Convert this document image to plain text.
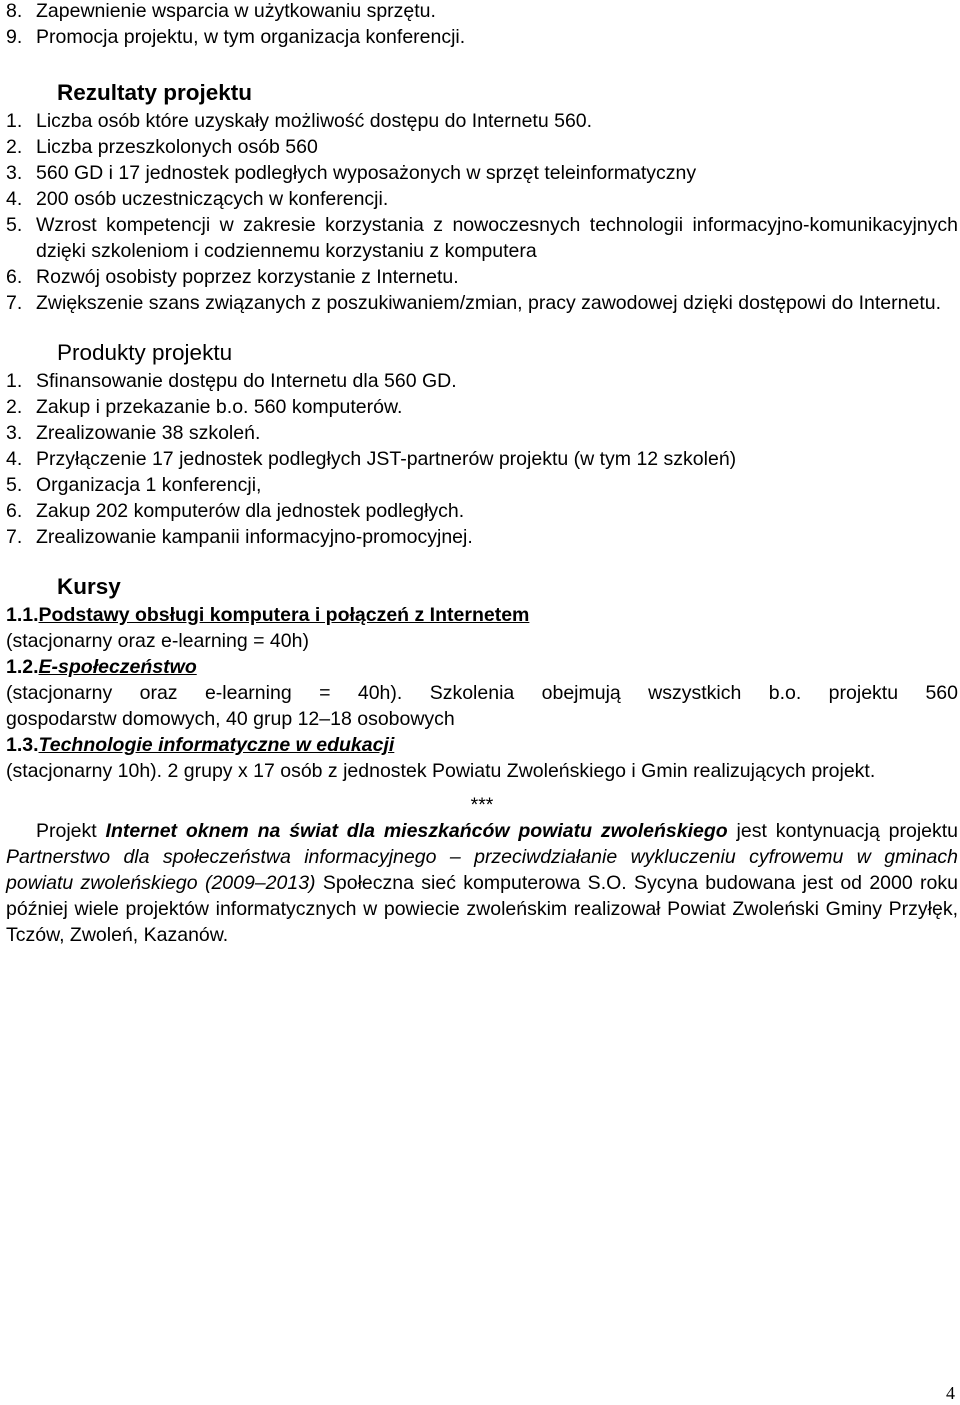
8. Zapewnienie wsparcia w użytkowaniu sprzętu.
9. Promocja projektu, w tym organizacja konferencji.
Rezultaty projektu
1. Liczba osób które uzyskały możliwość dostępu do Internetu 560.
2. Liczba przeszkolonych osób 560
3. 560 GD i 17 jednostek podległych wyposażonych w sprzęt teleinformatyczny
4. 200 osób uczestniczących w konferencji.
5. Wzrost kompetencji w zakresie korzystania z nowoczesnych technologii informacyjno-komunikacyjnych dzięki szkoleniom i codziennemu korzystaniu z komputera
6. Rozwój osobisty poprzez korzystanie z Internetu.
7. Zwiększenie szans związanych z poszukiwaniem/zmian, pracy zawodowej dzięki dostępowi do Internetu.
Produkty projektu
1. Sfinansowanie dostępu do Internetu dla 560 GD.
2. Zakup i przekazanie b.o. 560 komputerów.
3. Zrealizowanie 38 szkoleń.
4. Przyłączenie 17 jednostek podległych JST-partnerów projektu (w tym 12 szkoleń)
5. Organizacja 1 konferencji,
6. Zakup 202 komputerów dla jednostek podległych.
7. Zrealizowanie kampanii informacyjno-promocyjnej.
Kursy
1.1.Podstawy obsługi komputera i połączeń z Internetem
(stacjonarny oraz e-learning = 40h)
1.2.E-społeczeństwo
(stacjonarny oraz e-learning = 40h). Szkolenia obejmują wszystkich b.o. projektu 560
gospodarstw domowych, 40 grup 12–18 osobowych
1.3.Technologie informatyczne w edukacji
(stacjonarny 10h). 2 grupy x 17 osób z jednostek Powiatu Zwoleńskiego i Gmin realizujących projekt.
***

Projekt Internet oknem na świat dla mieszkańców powiatu zwoleńskiego jest kontynuacją projektu Partnerstwo dla społeczeństwa informacyjnego – przeciwdziałanie wykluczeniu cyfrowemu w gminach powiatu zwoleńskiego (2009–2013) Społeczna sieć komputerowa S.O. Sycyna budowana jest od 2000 roku później wiele projektów informatycznych w powiecie zwoleńskim realizował Powiat Zwoleński Gminy Przyłęk, Tczów, Zwoleń, Kazanów.

4
